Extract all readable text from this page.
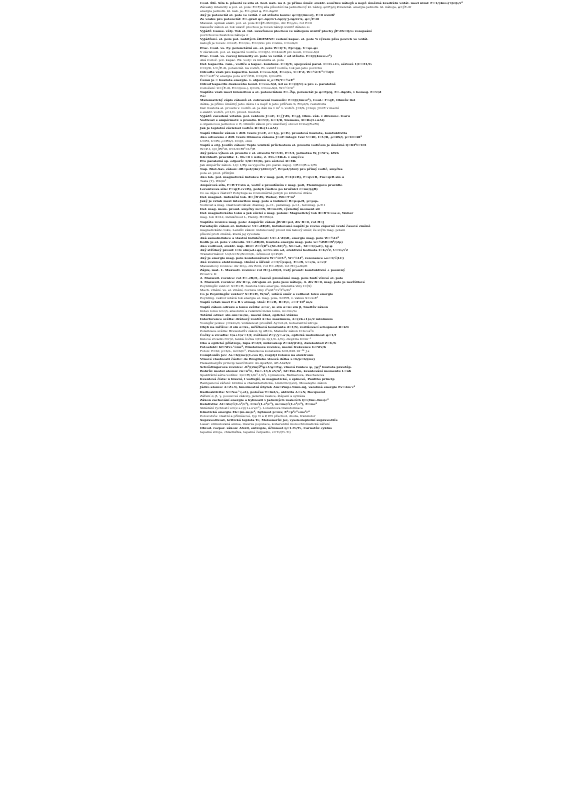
Coul. Řiš. Síla k. působí vs sila el. bod. nab. na 2. je přímo úměr. elektr. součinu nábojů a nepř. úměrná kvadrátu vzdál. mezi nimi: F=1/(4πε₀)·Q₁Q₂/r²
Závesky intenzity a pot. el. pole: E=F/q síla působící na jednotkový kl. náboj, φ=Ep/q Potenciál. energie jednotk. kl. náboje, φ=∫E·dr
energie jednotk. kl. nab. je, E=-grad φ, E=-dφ/dr
Aký je potenciál el. pole ve vzdál. r od středu koule: φ=Q/(4πε₀r), E=0 uvnitř
Ze vzahu pro potenciál: E=-grad φ=-∂φ/∂x·i-∂φ/∂y·j-∂φ/∂z·k, φ=∫E·dl
Maxwel. spinak elekt. pot. el. pole Φ=∮E·dS=Q/ε₀, div E=ρ/ε₀, rot E=0
Gaussův zákon el. tok uzavř. plochou je roven náboji uvnitř děleno ε₀
Vyjádř. Gauss. věty. Tok el. int. uzavřenou plochou vs nábojem uvnitř plochy ∮E·dS=Q/ε₀ rozepsání
povrchovou hustotou náboje σ
Vyjádření. el. pole pol. nabitých ěRiEMNE: vedení kapac. el. pole % výrazu přes povrch ve vzdál.
nabojů je roven: σ=ε₀E, E=σ/ε₀, E=σ/2ε₀ pro rovinu, C=ε₀S/d
Prac. Coul. vs. Ey. potenciální en. el. pole W=Q·U, Ep=qφ, U=φ₁-φ₂
V závislosti. pol. el. kapacitě vodiče. C=Q/U, C=4πε₀R pro kouli, C=ε₀εᵣS/d
Prac. Coul. vs. rozvoj intenzity el. pole vs vzdál. r od středu. E=Q/(4πε₀εᵣr²)
Aká rozlož. pot. kapac. Ek. vody: vs intenzita el. pole
Def. kapacita. ram., vodiče a kapac. kondenz. C=Q/U, spojování paral. C=C₁+C₂, sériové 1/C=Σ1/Cᵢ
C=Q/U, U=∫E·dl, potenciál. na vodiči, Ei. uvnitř vodiče, tok jen jeho povrchu
Odvoďte vzah pro kapacitu. kond. C=ε₀εᵣS/d, E=σ/ε₀, U=E·d, W=½CU²=½QU
W=½ε₀E²·V, energie pole w=½ED, C=Q/U, Q=ε₀ES
Čemu je = hustota energie. v. objemu w_e=W/V=½εE²
Odvoď kapacitu deskového kond. C=ε₀εᵣS/d, kd se C=(Q/U) a pro εᵣ paralelně
rozložení: U=∫E·dl, E=σ/(ε₀εᵣ), Q=σS, C=ε₀εᵣS/d, W=½CU²
Napište vzah mezi intenzitou a el. potenciálem E=-∇φ, potenciál je φ=Ep/q, E=-dφ/dx, v homog. E=U/d
Ráz
Matematický zápis zákonů el. zobrazení Gaussův: E=Q/(4πε₀r²), Coul.: F=qE, Ohmův list
délka, je přímo úměrný jeho délce l a nepř. k jeho průřezu S, R=ρl/S, rezistivita
Def. hustota el. proudu v. vodiči. el. je dán na 1 m² v. vodiči. J=I/S, j=nqv, J=σE v mezní
s elektr. vodiči, ρ=1/σ. proud. hustota
Vyjádř. zavedení vztahu. pol. vektoru J=σE, I=∫J·dS, E=ρJ, Ohm. zák. v diferenc. tvaru
Vodivost s ampérmetr. s proudu. R=U/I, G=1/R, Siemens, R=R₀(1+αΔt)
s objemovou jednotou v. E, Ohmův zákon pro uzavřený obvod I=Ue/(R+Ri)
Jak je teplotní závislost vodiče R=R₀(1+αΔt)
Napiš Ohmův zákon v diff. tvaru j=σE, σ=1/ρ, p=IU, proudová hustota, konduktivita
Ako odvozeno z diff. tvaru Ohmova zákona J=σE integr. tvar U=RI, I=U/R, ρ=RS/l, p=UI=RI²
U=RI, U=Rl, ρ=RS/l, I=Q/t, ohm
Napiš a obj. Joulův zákon: Teplo vzniklé průchodem el. proudu vodičem je úměrné Q=RI²t=UIt
W=P·t, Q=∫RI²dt, P=UI=RI²=U²/R
Aký práce výkon el. proudu v el. obvodu W=UIt, P=UI, jednotka W, J=W·s, kWh
Kirchhoff. pravidla: 1. ΣIₖ=0 v uzlu, 2. ΣUₖ=ΣRₖIₖ v smyčce
Pro paralelní sp. odporů: 1/R=Σ1/Rᵢ, pro sériové R=ΣRᵢ
Jak Ampérův zákon. I,Q: 1/Rp se vypočte pro paral. zapoj. 1/R=1/R₁+1/R₂
Nap. Biot-Sav. zákon: dB=μ₀I/(4π)·(dl×r)/r³, B=μ₀I/(2πr) pro přímý vodič, smyčka
pole el. prod. přímým
Ako lok. pol. magnetické indukce B v mag. poli, F=I(l×B), F=qv×B, Fm=qvB sin α
Tesla (T), Wb/m²
Ampérová síla, F=B·I·l·sin α, vodič s prouděním v mag. poli, Flemingovo pravidlo
Lorentzova síla: F=q(E+v×B), pohyb částice po kružnici r=mv/(qB)
Co se děje s částicí? Pohybuje se rovnoměrně pohyb po kruhové dráze
Def. magnet. indukční tok. Φ=∫B·dS, Weber, Wb=T·m²
Jaký je vztah mezi intenzitou mag. pole a indukcí: B=μ₀μᵣH, μ=μ₀μᵣ
Vodivost a mag. vlastnosti látek: diamag. μᵣ<1, paramag. μᵣ>1, feromag. μᵣ≫1
Def. mag. mom. proud. smyčky m=IS, M=m×B, výsledný moment sil
Def. magnetického toku a jak súvisí s mag. polem: Magnetický tok Φ=B·S·cos α, Weber
mag. tok Φ=LI, indukčnost L, Henry, H=Wb/A
Napište rovnice mag. pole: Ampérův zákon ∮B·dl=μ₀I, div B=0, rot H=j
Faradayův zákon el. indukce: Ui=-dΦ/dt, indukované napětí je rovno záporně vzaté časové změně
magnetického toku, Lenzův zákon: indukovaný proud má takový směr, že svým mag. polem
působí proti změně, která jej vyvolala
Aká samoindukce a vlastní indukčnost: Ui=-L·dI/dt, energie mag. pole W=½LI²
Kolik je el. pole v obvodu. Ui=-dΦ/dt, hustota energie mag. pole w=½BH=B²/(2μ)
Ako vodivost, elektr. nap. RLC: Z=√(R²+(XL-XC)²), XL=ωL, XC=1/(ωC), tg φ
Aký střídavý proud: i=I₀ sin(ωt+φ), u=U₀ sin ωt, efektivní hodnota I=I₀/√2, U=U₀/√2
Transformátor: U₁/U₂=N₁/N₂=I₂/I₁, účinnost η=P₂/P₁
Aký je energie mag. pole kondenzátoru W=½CU², W=½LI², rezonance ω₀=1/√(LC)
Aké rovnice elektromag. vlnění a šíření: c=1/√(ε₀μ₀), E=cB, v=c/n, λ=c/f
Maxwellovy rovnice: div D=ρ, div B=0, rot E=-∂B/∂t, rot H=j+∂D/∂t
Zápis, mat. 1. Maxwell. rovnice: rot H=j+∂D/∂t, Celý proud: konduktivní + posuvný
Proud v. D
2. Maxwell. rovnice: rot E=-∂B/∂t, časově proměnné mag. pole budí vírové el. pole
3. Maxwell. rovnice: div D=ρ, zdrojem el. pole jsou náboje, 4. div B=0, mag. pole je nezřídlové
Poyntingův vektor: S=E×H, hustota toku energie, intenzita vlny I=⟨S⟩
Mech. vlnění. vs. el. vlnění, rovnice vlny ∂²u/∂t²=v²∂²u/∂x²
Co je Poyntingův vektor? S=E×H, W/m², udává směr a velikost toku energie
Poynting. vektor udává tok energie el. mag. pole, S=EH, v. vakuu S=cε₀E²
Napiš vztah mezi E a B v elmag. vlně: E=cB, B=E/c, c=3·10⁸ m/s
Napiš zákon odrazu a lomu světla: α=α′, n₁ sin α=n₂ sin β, Snellův zákon
Index lomu n=c/v, absolutní a relativní index lomu, n₂₁=n₂/n₁
Totální odraz: sin αm=n₂/n₁, mezní úhel, optické vlákno
Interference světla: dráhový rozdíl Δ=kλ maximum, Δ=(2k+1)λ/2 minimum
Youngův pokus: y=kλL/d, vzdálenost proužků Δy=λL/d, koherentní zdroje
Ohyb na mřížce: d sin α=kλ, mřížková konstanta d=1/N, rozlišovací schopnost R=kN
Polarizace světla: Brewsterův zákon tg αB=n, Malusův zákon I=I₀cos²α
Čočky a zrcadla: 1/a+1/a′=1/f, zvětšení Z=y′/y=-a′/a, optická mohutnost φ=1/f
Kulové zrcadlo f=r/2, tenká čočka 1/f=(n-1)(1/r₁-1/r₂), dioptrie D=m⁻¹
Oko a optické přístroje, lupa Z=d/f, mikroskop Z=Δd/(f₁f₂), dalekohled Z=f₁/f₂
Fotoefekt: hf=Wv+½mv², Einsteinova rovnice, mezní frekvence f₀=Wv/h
Foton: E=hf, p=h/λ, m=hf/c², Planckova konstanta h=6,626·10⁻³⁴ J·s
Comptonův jev: Δλ=h/(mc)(1-cos θ), rozptyl fotonu na elektronu
Vlnové vlastnosti částic: de Broglieho vlnová délka λ=h/p=h/(mv)
Heisenbergův princip neurčitosti: Δx·Δp≥ħ/2, ΔE·Δt≥ħ/2
Schrödingerova rovnice: -ħ²/(2m)∇²ψ+Uψ=Eψ, vlnová funkce ψ, |ψ|² hustota pravděp.
Bohrův model atomu: rn=n²r₁, En=-13,6 eV/n², hf=Em-En, kvantování momentu L=nħ
Spektrální série vodíku: 1/λ=R(1/m²-1/n²), Lymanova, Balmerova, Paschenova
Kvantová čísla: n hlavní, l vedlejší, m magnetické, s spinové, Pauliho princip
Rentgenové záření: brzdné a charakteristické, λmin=hc/(eU), Moseleyho zákon
Jádro atomu: A=Z+N, hmotnostní úbytek Δm=Zmp+Nmn-mj, vazebná energie Ev=Δm·c²
Radioaktivita: N=N₀e^(-λt), poločas T=ln2/λ, aktivita A=λN, Becquerel
Záření α, β, γ, posuvové zákony, jaderné reakce, štěpení a syntéza
Zákon zachování energie a hybnosti v jaderných reakcích Q=(Σm₁-Σm₂)c²
Relativita: Δt=Δt₀/√(1-v²/c²), l=l₀√(1-v²/c²), m=m₀/√(1-v²/c²), E=mc²
Skládání rychlostí u=(u′+v)/(1+u′v/c²), Lorentzova transformace
Kinetická energie Ek=(m-m₀)c², hybnost p=mv, E²=p²c²+m₀²c⁴
Polovodiče: vlastní a příměsové, typ N a P, PN přechod, dioda, tranzistor
Supravodivost, kritická teplota Tc, Meissnerův jev, vysokoteplotní supravodiče
Laser: stimulovaná emise, inverze populace, koherentní monochromatické záření
Obvod. rozpor. zákon: ΔS≥0, entropie, účinnost η=1-T₂/T₁, Carnotův cyklus
tepelné stroje, chladnička, tepelné čerpadlo, ε=T₂/(T₁-T₂)
